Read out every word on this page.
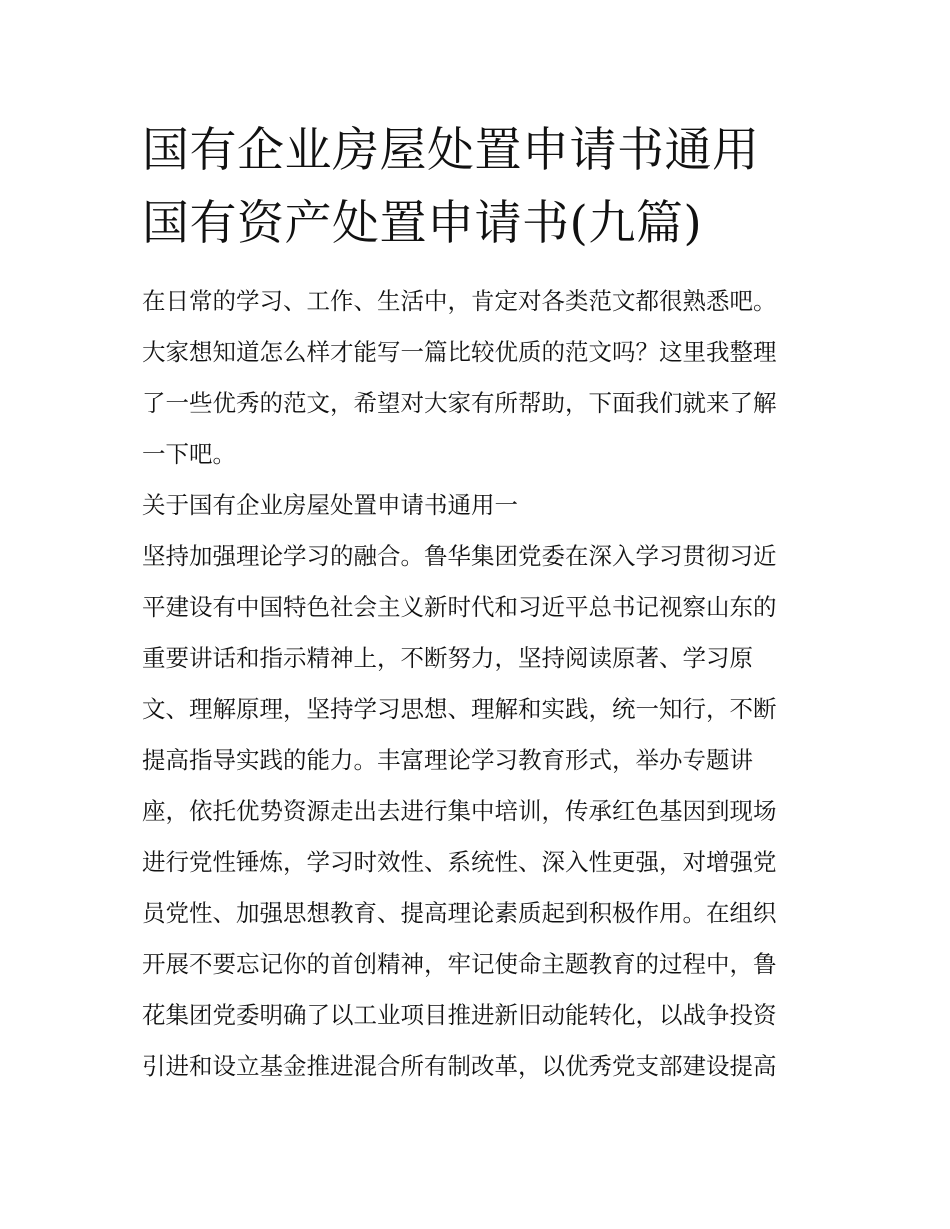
国有企业房屋处置申请书通用
国有资产处置申请书(九篇)

在日常的学习、工作、生活中，肯定对各类范文都很熟悉吧。

大家想知道怎么样才能写一篇比较优质的范文吗？这里我整理

了一些优秀的范文，希望对大家有所帮助，下面我们就来了解

一下吧。

关于国有企业房屋处置申请书通用一

坚持加强理论学习的融合。鲁华集团党委在深入学习贯彻习近

平建设有中国特色社会主义新时代和习近平总书记视察山东的

重要讲话和指示精神上，不断努力，坚持阅读原著、学习原

文、理解原理，坚持学习思想、理解和实践，统一知行，不断

提高指导实践的能力。丰富理论学习教育形式，举办专题讲

座，依托优势资源走出去进行集中培训，传承红色基因到现场

进行党性锤炼，学习时效性、系统性、深入性更强，对增强党

员党性、加强思想教育、提高理论素质起到积极作用。在组织

开展不要忘记你的首创精神，牢记使命主题教育的过程中，鲁

花集团党委明确了以工业项目推进新旧动能转化，以战争投资

引进和设立基金推进混合所有制改革，以优秀党支部建设提高
